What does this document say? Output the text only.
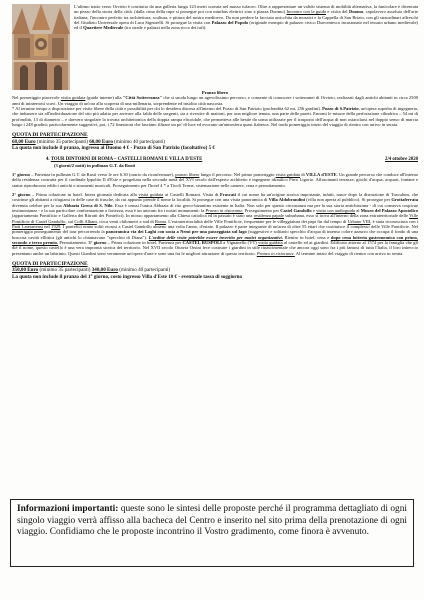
L'ultimo tratto verso Orvieto è costituito da una galleria lunga 123 metri scavata nel masso tufaceo. Oltre a rappresentare un valido sistema di mobilità alternativa, la funicolare è diventata un pezzo della storia della città. (dalla cima della rupe si prosegue poi con minibus elettrici sino a piazza Duomo) Incontro con la guida e visita del Duomo, capolavoro assoluto dell'arte italiana, l'incontro perfetto tra architettura, scultura, e pittura del nostro medioevo. Da non perdere la facciata arricchita da mosaici e la Cappella di San Brizio, con gli straordinari affreschi del Giudizio Universale opera di Luca Signorelli. Si prosegue la visita con Palazzo del Popolo (originale esempio di palazzo civico Duecentesco incastonato nel tessuto urbano medievale) ed il Quartiere Medievale (tra strade e palazzi nella zona ricca dei tufi).

Pranzo libero

Nel pomeriggio piacevole visita guidata (guide interne) alla "Città Sotterranea" che si snoda lungo un agevolissimo percorso, e consente di conoscere i sotterranei di Orvieto, realizzati dagli antichi abitanti in circa 2500 anni di ininterrotti scavi. Un viaggio di un'ora alla scoperta di una millenaria, sorprendente ed insolita città nascosta.

* Al termine tempo a disposizione per visite libere della città e possibilità per chi lo desidera discesa all'interno del Pozzo di San Patrizio (profondità 62 mt, 256 gradini). Pozzo di S.Patrizio, un'opera superba di ingegneria, che indussero sia all'individuazione del sito più adatto per arrivare alla falda delle sorgenti, sia a rivestire di mattoni, per una migliore tenuta, una parte delle pareti. Enormi le misure della perforazione cilindrica – 54 mt di profondità, 13 di diametro – e davvero singolare la trovata architettonica della doppia rampa elicoidale, che permetteva alle bestie da soma utilizzate per il trasporto dell'acqua di non ostacolarsi nel doppio senso di marcia lungo i 248 gradini; particolarmente suggestivi, poi, i 72 finestroni che lasciano filtrare un po' di luce ed evocano un'atmosfera quasi fiabesca. Nel tardo pomeriggio inizio del viaggio di rientro con arrivo in serata.

QUOTA DI PARTECIPAZIONE

68,00 Euro (minimo 35 partecipanti) 60,00 Euro (minimo 40 partecipanti)

La quota non include il pranzo, ingresso al Duomo 4 € - Pozzo di San Patrizio (facoltativo) 5 €

4. TOUR DINTORNI DI ROMA – CASTELLI ROMANI E VILLA D'ESTE	2/4 ottobre 2020

(3 giorni/2 notti) in pullman G.T. da Rusti

1° giorno – Partenza in pullman G.T. da Rusti verso le ore 6.30 (orario da riconfermare), pranzo libero lungo il percorso. Nel primo pomeriggio visita guidata di VILLA d'ESTE. Un grande percorso che conduce all'interno della residenza costruita per il cardinale Ippolito II d'Este e progettata nella seconda metà del XVI secolo dall'esperto architetto e ingegnere idraulico Pirro Ligorio. Affascinanti terrazze, giochi d'acqua, acquari, fontane e statue riproducono edifici antichi e strumenti musicali. Proseguimento per l'hotel 4 * a Tivoli Terme, sistemazione nelle camere, cena e pernottamento.

2° giorno – Prima colazione in hotel. Intera giornata dedicata alla visita guidata ai Castelli Romani. Visita di Frascati il cui nome ha un'origine storica importante, infatti, nasce dopo la distruzione di Tusculum, che costrinse gli abitanti a rifugiarsi in delle case di frasche, da cui appunto prende il nome la località. Si prosegue con una visita panoramica di Villa Aldobrandini (villa non aperta al pubblico). Si prosegue per Grottaferrata divenuta celebre per la sua Abbazia Greca di S. Nilo. Essa è ormai l'unica Abbazia di rito greco-bizantino esistente in Italia. Non solo per questo circostanza ma per la sua storia antichissima - di cui conserva cospicue testimonianze - e la sua particolare conformazione a fortezza, essa è un unicum fra i nostri monumenti: la Pranzo in ristorante. Proseguimento per Castel Gandolfo e visita con audioguida al Museo del Palazzo Apostolico (appartamento Pontificio e Galleria dei Ritratti dei Pontefici). In mosso appartamento alla Chiesa cattolica ed in passato è stato una residenza papale suburbana, esso si trova all'interno della zona extraterritoriale delle Ville Pontificie di Castel Gandolfo, sui Colli Albani, circa venti chilometri a sud di Roma. L'extraterritorialità delle Ville Pontificie, frequentate per le villeggiatura dei papi fin dal tempo di Urbano VIII, è stata riconosciuta con i Patti Lateranensi nel 1929. I pontefici erano soliti recarsi a Castel Gandolfo almeno una volta l'anno, d'estate. Il palazzo è parte integrante di un'area di oltre 55 ettari che costituisce il complesso delle Ville Pontificie. Nel pomeriggio proseguimento del tour percorrendo la panoramica via dei Laghi con sosta a Nemi per una passeggiata sul lago (suggestivo e solitario specchio d'acqua di intenso colore azzurro che occupa il fondo di una boscosa cavità ellittica (gli antichi lo chiamavano "specchio di Diana"). L'ordine delle visite potrebbe essere invertito per motivi organizzativi. Rientro in hotel, cena e dopo cena lotteria gastronomica con primo, secondo e terzo premio. Pernottamento. 3° giorno – Prima colazione in hotel. Partenza per CASTEL RUSPOLI a Vignanello (VT) visita guidata al castello ed ai giardini. Edificato attorno al 1574 per la famiglia che gli diè il nome, questo castello è una vera impronta storica del territorio. Nel XVII secolo Ottavia Orsini fece costruire i giardini in stile rinascimentale che ancora oggi sono fra i più famosi di tutta l'Italia, il loro intreccio presentano anche un labirinto. Questi Giardini sono veramente un'opera d'arte e sono una fra le migliori attrazione di questo territorio. Pranzo in ristorante. Al termine inizio del viaggio di rientro con arrivo in serata.

QUOTA DI PARTECIPAZIONE

350,00 Euro (minimo 35 partecipanti) 340,00 Euro (minimo 40 partecipanti)

La quota non include il pranzo del 1° giorno, costo ingresso Villa d'Este 10 € - eventuale tassa di soggiorno

Informazioni importanti: queste sono le sintesi delle proposte perché il programma dettagliato di ogni singolo viaggio verrà affisso alla bacheca del Centro e inserito nel sito prima della prenotazione di ogni viaggio. Confidiamo che le proposte incontrino il Vostro gradimento, come finora è avvenuto.
